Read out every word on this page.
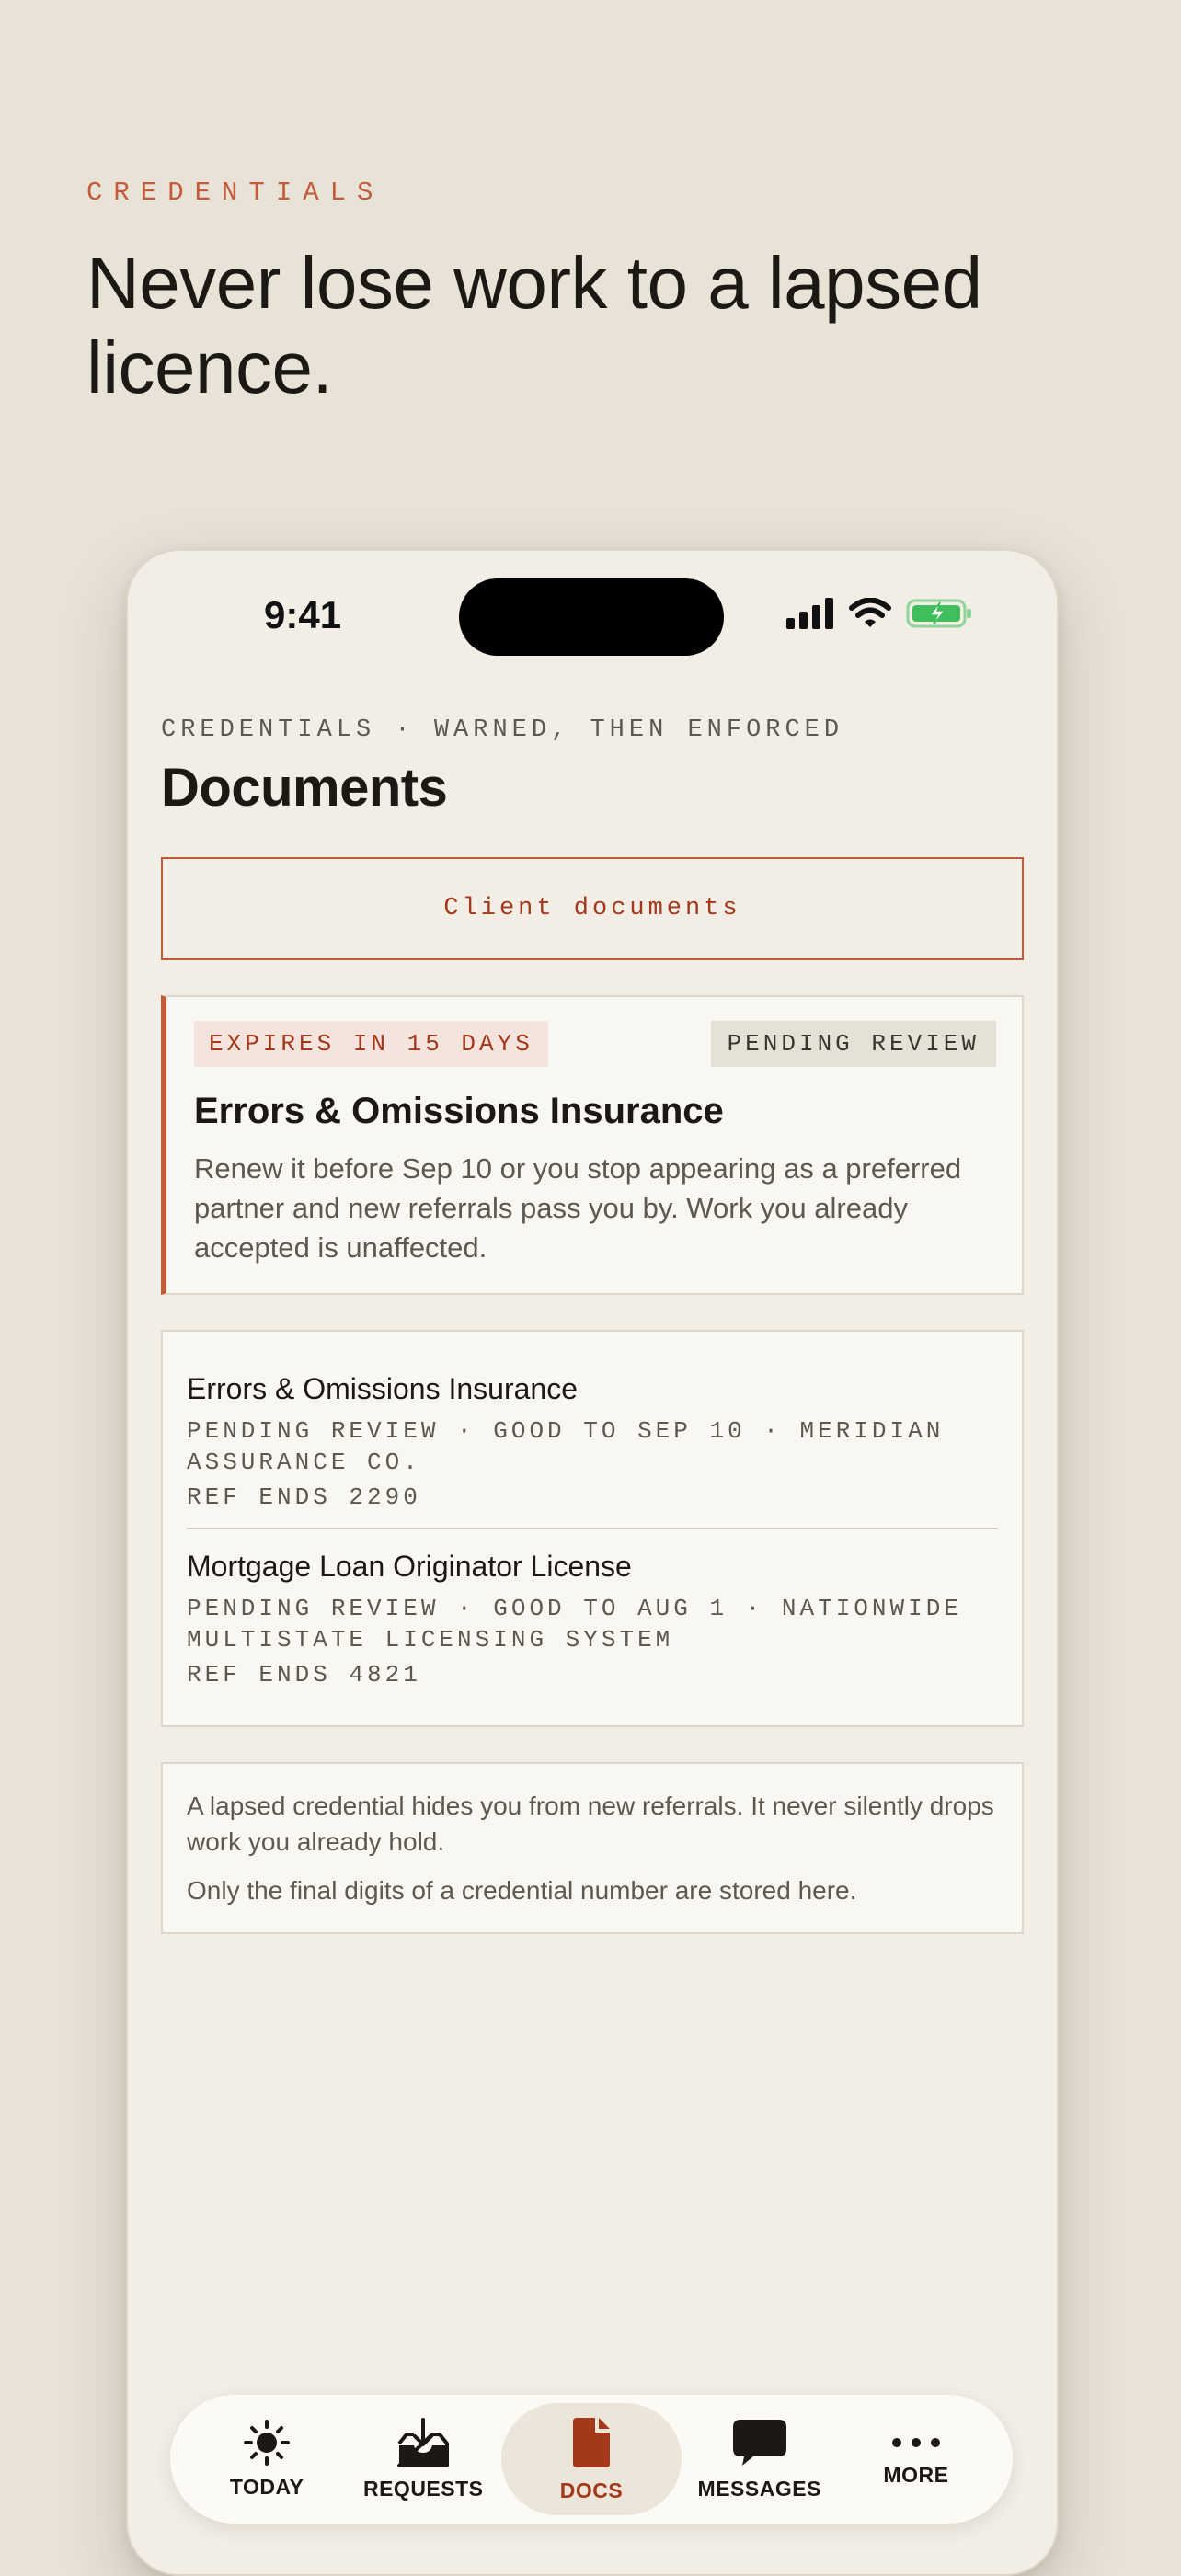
CREDENTIALS
Never lose work to a lapsed licence.
9:41
CREDENTIALS · WARNED, THEN ENFORCED
Documents
Client documents
EXPIRES IN 15 DAYS	PENDING REVIEW
Errors & Omissions Insurance

Renew it before Sep 10 or you stop appearing as a preferred partner and new referrals pass you by. Work you already accepted is unaffected.

Errors & Omissions Insurance
PENDING REVIEW · GOOD TO SEP 10 · MERIDIAN ASSURANCE CO.
REF ENDS 2290
Mortgage Loan Originator License
PENDING REVIEW · GOOD TO AUG 1 · NATIONWIDE MULTISTATE LICENSING SYSTEM
REF ENDS 4821

A lapsed credential hides you from new referrals. It never silently drops work you already hold.

Only the final digits of a credential number are stored here.

TODAY	REQUESTS	DOCS	MESSAGES
MORE
